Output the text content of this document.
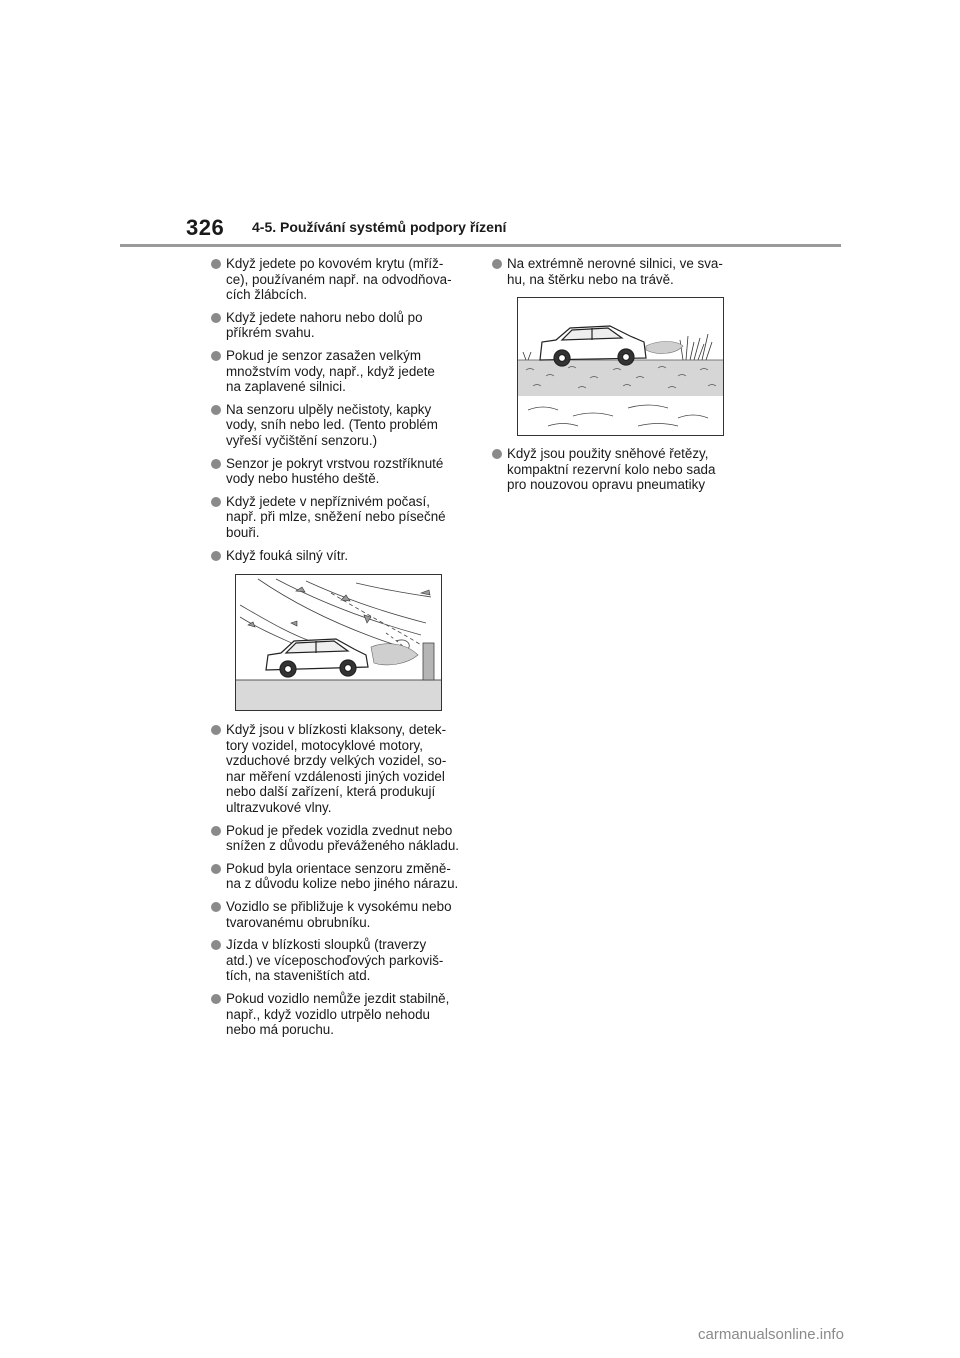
326 4-5. Používání systémů podpory řízení
Když jedete po kovovém krytu (mříž-
ce), používaném např. na odvodňova-
cích žlábcích.
Když jedete nahoru nebo dolů po
příkrém svahu.
Pokud je senzor zasažen velkým
množstvím vody, např., když jedete
na zaplavené silnici.
Na senzoru ulpěly nečistoty, kapky
vody, sníh nebo led. (Tento problém
vyřeší vyčištění senzoru.)
Senzor je pokryt vrstvou rozstříknuté
vody nebo hustého deště.
Když jedete v nepříznivém počasí,
např. při mlze, sněžení nebo písečné
bouři.
Když fouká silný vítr.
Když jsou v blízkosti klaksony, detek-
tory vozidel, motocyklové motory,
vzduchové brzdy velkých vozidel, so-
nar měření vzdálenosti jiných vozidel
nebo další zařízení, která produkují
ultrazvukové vlny.
Pokud je předek vozidla zvednut nebo
snížen z důvodu převáženého nákladu.
Pokud byla orientace senzoru změně-
na z důvodu kolize nebo jiného nárazu.
Vozidlo se přibližuje k vysokému nebo
tvarovanému obrubníku.
Jízda v blízkosti sloupků (traverzy
atd.) ve víceposchoďových parkoviš-
tích, na staveništích atd.
Pokud vozidlo nemůže jezdit stabilně,
např., když vozidlo utrpělo nehodu
nebo má poruchu.
Na extrémně nerovné silnici, ve sva-
hu, na štěrku nebo na trávě.
Když jsou použity sněhové řetězy,
kompaktní rezervní kolo nebo sada
pro nouzovou opravu pneumatiky
carmanualsonline.info
